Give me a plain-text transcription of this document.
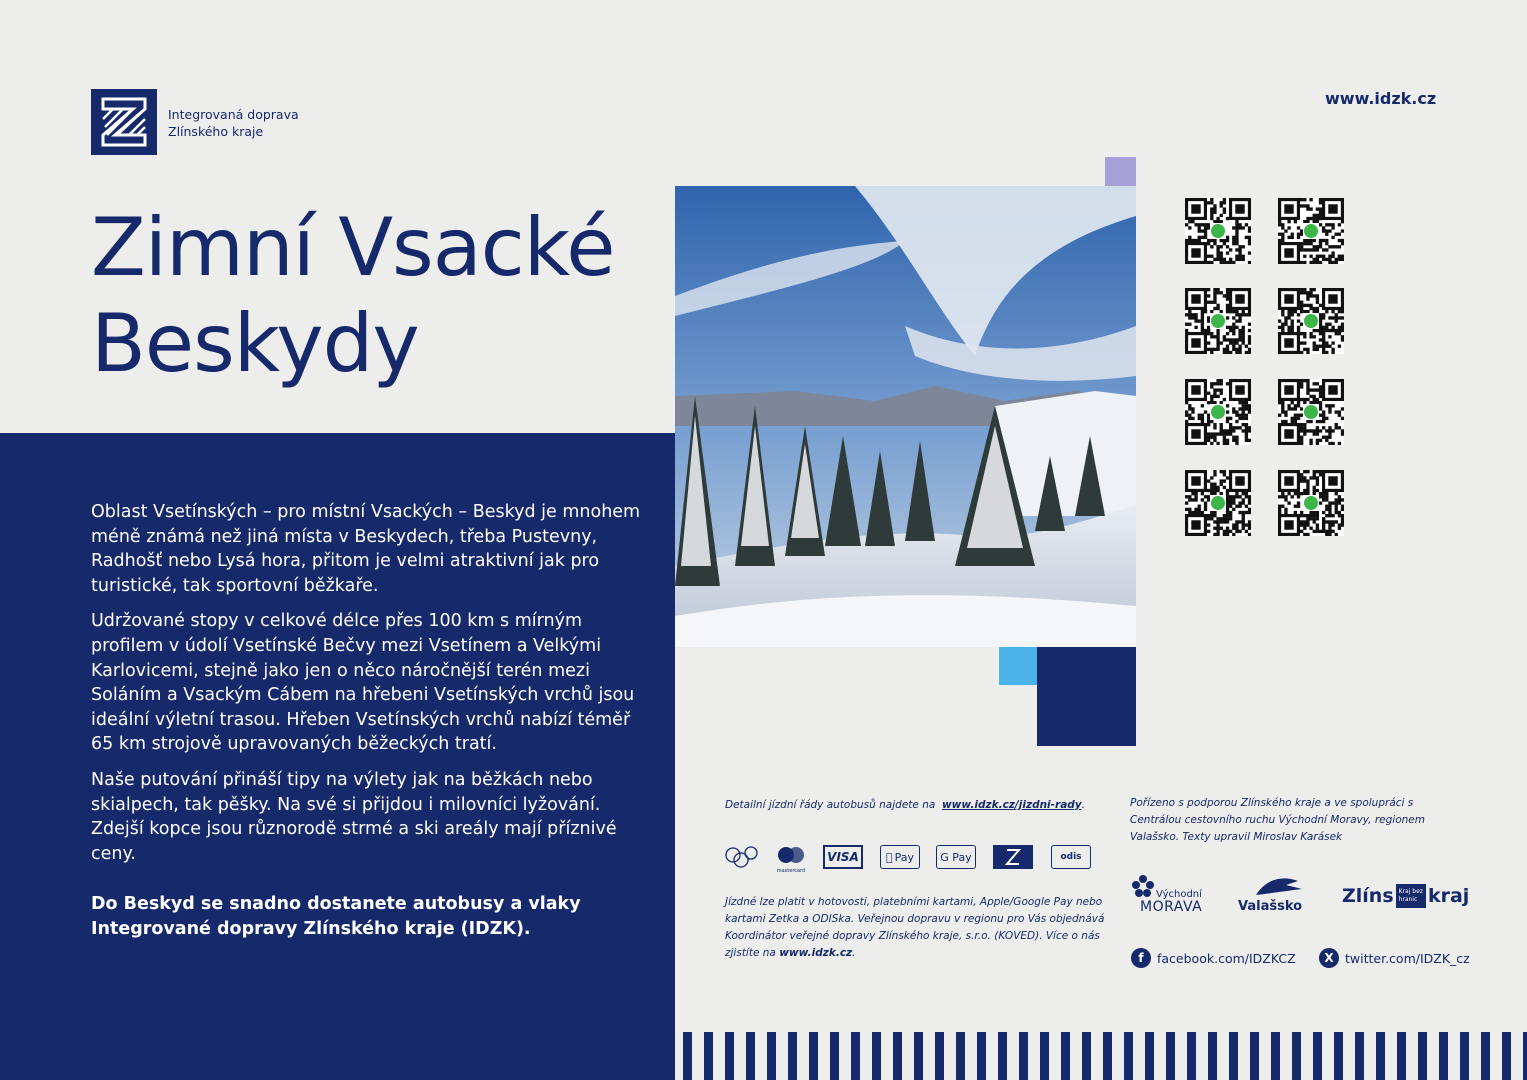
Integrovaná doprava
Zlínského kraje
www.idzk.cz
Zimní Vsacké
Beskydy

Oblast Vsetínských – pro místní Vsackých – Beskyd je mnohem méně známá než jiná místa v Beskydech, třeba Pustevny, Radhošť nebo Lysá hora, přitom je velmi atraktivní jak pro turistické, tak sportovní běžkaře.

Udržované stopy v celkové délce přes 100 km s mírným profilem v údolí Vsetínské Bečvy mezi Vsetínem a Velkými Karlovicemi, stejně jako jen o něco náročnější terén mezi Soláním a Vsackým Cábem na hřebeni Vsetínských vrchů jsou ideální výletní trasou. Hřeben Vsetínských vrchů nabízí téměř 65 km strojově upravovaných běžeckých tratí.

Naše putování přináší tipy na výlety jak na běžkách nebo skialpech, tak pěšky. Na své si přijdou i milovníci lyžování. Zdejší kopce jsou různorodě strmé a ski areály mají příznivé ceny.

Do Beskyd se snadno dostanete autobusy a vlaky Integrované dopravy Zlínského kraje (IDZK).

Detailní jízdní řády autobusů najdete na www.idzk.cz/jizdni-rady.
mastercard
VISA	Pay	G Pay	odis
Jízdné lze platit v hotovosti, platebními kartami, Apple/Google Pay nebo kartami Zetka a ODISka. Veřejnou dopravu v regionu pro Vás objednává Koordinátor veřejné dopravy Zlínského kraje, s.r.o. (KOVED). Více o nás zjistíte na www.idzk.cz.
Pořízeno s podporou Zlínského kraje a ve spolupráci s Centrálou cestovního ruchu Východní Moravy, regionem Valašsko. Texty upravil Miroslav Karásek
Východní
MORAVA	Valašsko Zlíns Kraj bez
hranic kraj
f	facebook.com/IDZKCZ	X twitter.com/IDZK_cz
